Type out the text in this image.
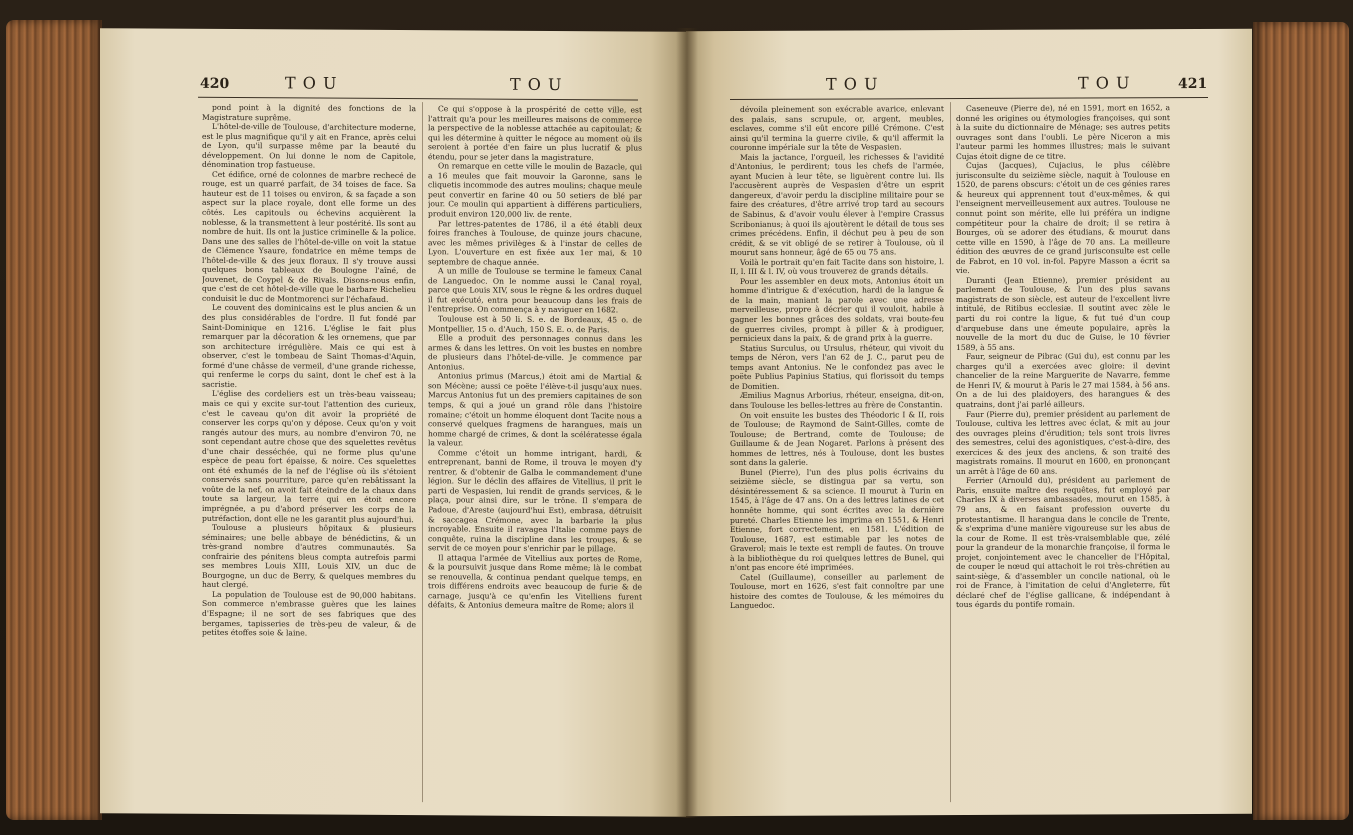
420	T O U	T O U

pond point à la dignité des fonctions de la Magistrature suprême.

L'hôtel-de-ville de Toulouse, d'architecture moderne, est le plus magnifique qu'il y ait en France, après celui de Lyon, qu'il surpasse même par la beauté du développement. On lui donne le nom de Capitole, dénomination trop fastueuse.

Cet édifice, orné de colonnes de marbre rechecé de rouge, est un quarré parfait, de 34 toises de face. Sa hauteur est de 11 toises ou environ, & sa façade a son aspect sur la place royale, dont elle forme un des côtés. Les capitouls ou échevins acquièrent la noblesse, & la transmettent à leur postérité. Ils sont au nombre de huit. Ils ont la justice criminelle & la police. Dans une des salles de l'hôtel-de-ville on voit la statue de Clémence Ysaure, fondatrice en même temps de l'hôtel-de-ville & des jeux floraux. Il s'y trouve aussi quelques bons tableaux de Boulogne l'aîné, de Jouvenet, de Coypel & de Rivals. Disons-nous enfin, que c'est de cet hôtel-de-ville que le barbare Richelieu conduisit le duc de Montmorenci sur l'échafaud.

Le couvent des dominicains est le plus ancien & un des plus considérables de l'ordre. Il fut fondé par Saint-Dominique en 1216. L'église le fait plus remarquer par la décoration & les ornemens, que par son architecture irrégulière. Mais ce qui est à observer, c'est le tombeau de Saint Thomas-d'Aquin, formé d'une châsse de vermeil, d'une grande richesse, qui renferme le corps du saint, dont le chef est à la sacristie.

L'église des cordeliers est un très-beau vaisseau; mais ce qui y excite sur-tout l'attention des curieux, c'est le caveau qu'on dit avoir la propriété de conserver les corps qu'on y dépose. Ceux qu'on y voit rangés autour des murs, au nombre d'environ 70, ne sont cependant autre chose que des squelettes revêtus d'une chair desséchée, qui ne forme plus qu'une espèce de peau fort épaisse, & noire. Ces squelettes ont été exhumés de la nef de l'église où ils s'étoient conservés sans pourriture, parce qu'en rebâtissant la voûte de la nef, on avoit fait éteindre de la chaux dans toute sa largeur, la terre qui en étoit encore imprégnée, a pu d'abord préserver les corps de la putréfaction, dont elle ne les garantit plus aujourd'hui.

Toulouse a plusieurs hôpitaux & plusieurs séminaires; une belle abbaye de bénédictins, & un très-grand nombre d'autres communautés. Sa confrairie des pénitens bleus compta autrefois parmi ses membres Louis XIII, Louis XIV, un duc de Bourgogne, un duc de Berry, & quelques membres du haut clergé.

La population de Toulouse est de 90,000 habitans. Son commerce n'embrasse guères que les laines d'Espagne; il ne sort de ses fabriques que des bergames, tapisseries de très-peu de valeur, & de petites étoffes soie & laine.

Ce qui s'oppose à la prospérité de cette ville, est l'attrait qu'a pour les meilleures maisons de commerce la perspective de la noblesse attachée au capitoulat; & qui les détermine à quitter le négoce au moment où ils seroient à portée d'en faire un plus lucratif & plus étendu, pour se jeter dans la magistrature.

On remarque en cette ville le moulin de Bazacle, qui a 16 meules que fait mouvoir la Garonne, sans le cliquetis incommode des autres moulins; chaque meule peut convertir en farine 40 ou 50 setiers de blé par jour. Ce moulin qui appartient à différens particuliers, produit environ 120,000 liv. de rente.

Par lettres-patentes de 1786, il a été établi deux foires franches à Toulouse, de quinze jours chacune, avec les mêmes privilèges & à l'instar de celles de Lyon. L'ouverture en est fixée aux 1er mai, & 10 septembre de chaque année.

A un mille de Toulouse se termine le fameux Canal de Languedoc. On le nomme aussi le Canal royal, parce que Louis XIV, sous le règne & les ordres duquel il fut exécuté, entra pour beaucoup dans les frais de l'entreprise. On commença à y naviguer en 1682.

Toulouse est à 50 li. S. e. de Bordeaux, 45 o. de Montpellier, 15 o. d'Auch, 150 S. E. o. de Paris.

Elle a produit des personnages connus dans les armes & dans les lettres. On voit les bustes en nombre de plusieurs dans l'hôtel-de-ville. Je commence par Antonius.

Antonius primus (Marcus,) étoit ami de Martial & son Mécène; aussi ce poëte l'élève-t-il jusqu'aux nues. Marcus Antonius fut un des premiers capitaines de son temps, & qui a joué un grand rôle dans l'histoire romaine; c'étoit un homme éloquent dont Tacite nous a conservé quelques fragmens de harangues, mais un homme chargé de crimes, & dont la scélératesse égala la valeur.

Comme c'étoit un homme intrigant, hardi, & entreprenant, banni de Rome, il trouva le moyen d'y rentrer, & d'obtenir de Galba le commandement d'une légion. Sur le déclin des affaires de Vitellius, il prit le parti de Vespasien, lui rendit de grands services, & le plaça, pour ainsi dire, sur le trône. Il s'empara de Padoue, d'Areste (aujourd'hui Est), embrasa, détruisit & saccagea Crémone, avec la barbarie la plus incroyable. Ensuite il ravagea l'Italie comme pays de conquête, ruina la discipline dans les troupes, & se servit de ce moyen pour s'enrichir par le pillage.

Il attaqua l'armée de Vitellius aux portes de Rome, & la poursuivit jusque dans Rome même; là le combat se renouvella, & continua pendant quelque temps, en trois différens endroits avec beaucoup de furie & de carnage, jusqu'à ce qu'enfin les Vitelliens furent défaits, & Antonius demeura maître de Rome; alors il

T O U	T O U	421

dévoila pleinement son exécrable avarice, enlevant des palais, sans scrupule, or, argent, meubles, esclaves, comme s'il eût encore pillé Crémone. C'est ainsi qu'il termina la guerre civile, & qu'il affermit la couronne impériale sur la tête de Vespasien.

Mais la jactance, l'orgueil, les richesses & l'avidité d'Antonius, le perdirent; tous les chefs de l'armée, ayant Mucien à leur tête, se liguèrent contre lui. Ils l'accusèrent auprès de Vespasien d'être un esprit dangereux, d'avoir perdu la discipline militaire pour se faire des créatures, d'être arrivé trop tard au secours de Sabinus, & d'avoir voulu élever à l'empire Crassus Scribonianus; à quoi ils ajoutèrent le détail de tous ses crimes précédens. Enfin, il déchut peu à peu de son crédit, & se vit obligé de se retirer à Toulouse, où il mourut sans honneur, âgé de 65 ou 75 ans.

Voilà le portrait qu'en fait Tacite dans son histoire, l. II, l. III & l. IV, où vous trouverez de grands détails.

Pour les assembler en deux mots, Antonius étoit un homme d'intrigue & d'exécution, hardi de la langue & de la main, maniant la parole avec une adresse merveilleuse, propre à décrier qui il vouloit, habile à gagner les bonnes grâces des soldats, vrai boute-feu de guerres civiles, prompt à piller & à prodiguer, pernicieux dans la paix, & de grand prix à la guerre.

Statius Surculus, ou Ursulus, rhéteur, qui vivoit du temps de Néron, vers l'an 62 de J. C., parut peu de temps avant Antonius. Ne le confondez pas avec le poëte Publius Papinius Statius, qui florissoit du temps de Domitien.

Æmilius Magnus Arborius, rhéteur, enseigna, dit-on, dans Toulouse les belles-lettres au frère de Constantin.

On voit ensuite les bustes des Théodoric I & II, rois de Toulouse; de Raymond de Saint-Gilles, comte de Toulouse; de Bertrand, comte de Toulouse; de Guillaume & de Jean Nogaret. Parlons à présent des hommes de lettres, nés à Toulouse, dont les bustes sont dans la galerie.

Bunel (Pierre), l'un des plus polis écrivains du seizième siècle, se distingua par sa vertu, son désintéressement & sa science. Il mourut à Turin en 1545, à l'âge de 47 ans. On a des lettres latines de cet honnête homme, qui sont écrites avec la dernière pureté. Charles Etienne les imprima en 1551, & Henri Etienne, fort correctement, en 1581. L'édition de Toulouse, 1687, est estimable par les notes de Graverol; mais le texte est rempli de fautes. On trouve à la bibliothèque du roi quelques lettres de Bunel, qui n'ont pas encore été imprimées.

Catel (Guillaume), conseiller au parlement de Toulouse, mort en 1626, s'est fait connoître par une histoire des comtes de Toulouse, & les mémoires du Languedoc.

Caseneuve (Pierre de), né en 1591, mort en 1652, a donné les origines ou étymologies françoises, qui sont à la suite du dictionnaire de Ménage; ses autres petits ouvrages sont dans l'oubli. Le père Niceron a mis l'auteur parmi les hommes illustres; mais le suivant Cujas étoit digne de ce titre.

Cujas (Jacques), Cujacius, le plus célèbre jurisconsulte du seizième siècle, naquit à Toulouse en 1520, de parens obscurs: c'étoit un de ces génies rares & heureux qui apprennent tout d'eux-mêmes, & qui l'enseignent merveilleusement aux autres. Toulouse ne connut point son mérite, elle lui préféra un indigne compétiteur pour la chaire de droit; il se retira à Bourges, où se adorer des étudians, & mourut dans cette ville en 1590, à l'âge de 70 ans. La meilleure édition des œuvres de ce grand jurisconsulte est celle de Fabrot, en 10 vol. in-fol. Papyre Masson a écrit sa vie.

Duranti (Jean Etienne), premier président au parlement de Toulouse, & l'un des plus savans magistrats de son siècle, est auteur de l'excellent livre intitulé, de Ritibus ecclesiæ. Il soutint avec zèle le parti du roi contre la ligue, & fut tué d'un coup d'arquebuse dans une émeute populaire, après la nouvelle de la mort du duc de Guise, le 10 février 1589, à 55 ans.

Faur, seigneur de Pibrac (Gui du), est connu par les charges qu'il a exercées avec gloire: il devint chancelier de la reine Marguerite de Navarre, femme de Henri IV, & mourut à Paris le 27 mai 1584, à 56 ans. On a de lui des plaidoyers, des harangues & des quatrains, dont j'ai parlé ailleurs.

Faur (Pierre du), premier président au parlement de Toulouse, cultiva les lettres avec éclat, & mit au jour des ouvrages pleins d'érudition; tels sont trois livres des semestres, celui des agonistiques, c'est-à-dire, des exercices & des jeux des anciens, & son traité des magistrats romains. Il mourut en 1600, en prononçant un arrêt à l'âge de 60 ans.

Ferrier (Arnould du), président au parlement de Paris, ensuite maître des requêtes, fut employé par Charles IX à diverses ambassades, mourut en 1585, à 79 ans, & en faisant profession ouverte du protestantisme. Il harangua dans le concile de Trente, & s'exprima d'une manière vigoureuse sur les abus de la cour de Rome. Il est très-vraisemblable que, zélé pour la grandeur de la monarchie françoise, il forma le projet, conjointement avec le chancelier de l'Hôpital, de couper le nœud qui attachoit le roi très-chrétien au saint-siège, & d'assembler un concile national, où le roi de France, à l'imitation de celui d'Angleterre, fût déclaré chef de l'église gallicane, & indépendant à tous égards du pontife romain.
